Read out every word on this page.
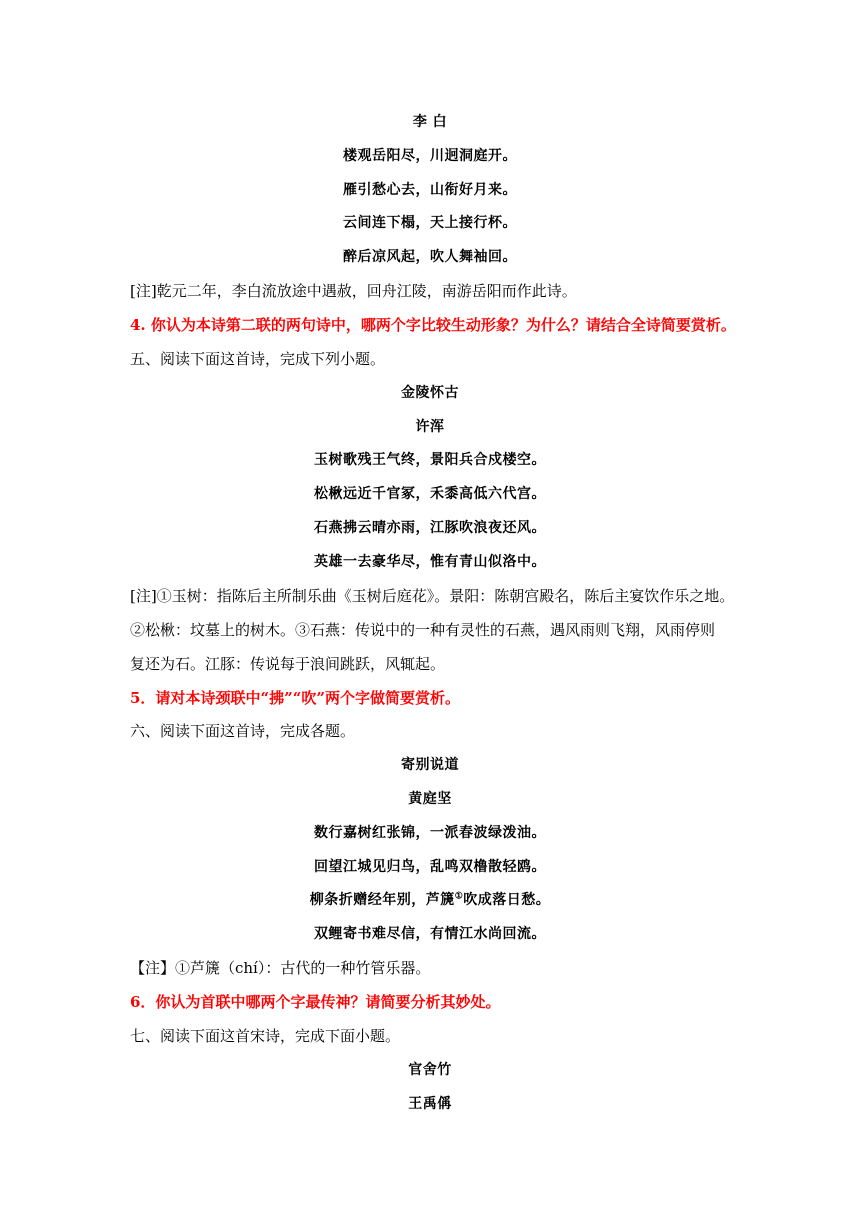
李 白
楼观岳阳尽，川迥洞庭开。
雁引愁心去，山衔好月来。
云间连下榻，天上接行杯。
醉后凉风起，吹人舞袖回。
[注]乾元二年，李白流放途中遇赦，回舟江陵，南游岳阳而作此诗。
4. 你认为本诗第二联的两句诗中，哪两个字比较生动形象？为什么？请结合全诗简要赏析。
五、阅读下面这首诗，完成下列小题。
金陵怀古
许浑
玉树歌残王气终，景阳兵合戍楼空。
松楸远近千官冢，禾黍高低六代宫。
石燕拂云晴亦雨，江豚吹浪夜还风。
英雄一去豪华尽，惟有青山似洛中。
[注]①玉树：指陈后主所制乐曲《玉树后庭花》。景阳：陈朝宫殿名，陈后主宴饮作乐之地。
②松楸：坟墓上的树木。③石燕：传说中的一种有灵性的石燕，遇风雨则飞翔，风雨停则
复还为石。江豚：传说每于浪间跳跃，风辄起。
5．请对本诗颈联中“拂”“吹”两个字做简要赏析。
六、阅读下面这首诗，完成各题。
寄别说道
黄庭坚
数行嘉树红张锦，一派春波绿泼油。
回望江城见归鸟，乱鸣双橹散轻鸥。
柳条折赠经年别，芦篪①吹成落日愁。
双鲤寄书难尽信，有情江水尚回流。
【注】①芦篪（chí）：古代的一种竹管乐器。
6．你认为首联中哪两个字最传神？请简要分析其妙处。
七、阅读下面这首宋诗，完成下面小题。
官舍竹
王禹偁
